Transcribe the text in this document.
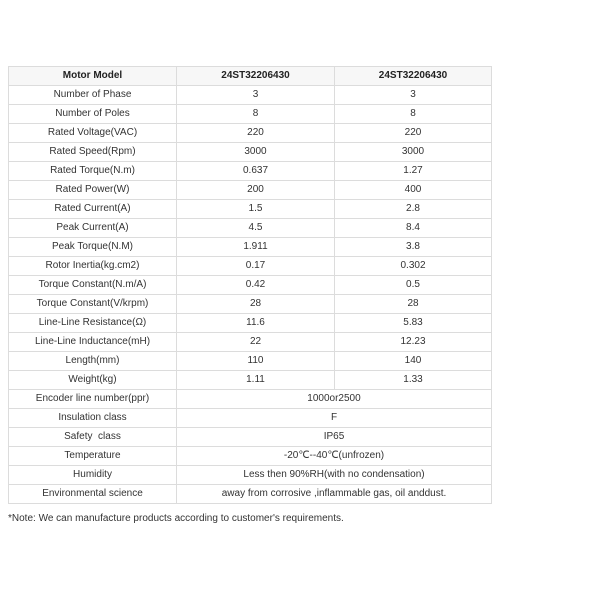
Motor Model	24ST32206430	24ST32206430
Number of Phase	3	3
Number of Poles	8	8
Rated Voltage(VAC)	220	220
Rated Speed(Rpm)	3000	3000
Rated Torque(N.m)	0.637	1.27
Rated Power(W)	200	400
Rated Current(A)	1.5	2.8
Peak Current(A)	4.5	8.4
Peak Torque(N.M)	1.911	3.8
Rotor Inertia(kg.cm2)	0.17	0.302
Torque Constant(N.m/A)	0.42	0.5
Torque Constant(V/krpm)	28	28
Line-Line Resistance(Ω)	11.6	5.83
Line-Line Inductance(mH)	22	12.23
Length(mm)	110	140
Weight(kg)	1.11	1.33
Encoder line number(ppr)	1000or2500	
Insulation class	F	
Safety  class	IP65	
Temperature	-20℃--40℃(unfrozen)	
Humidity	Less then 90%RH(with no condensation)	
Environmental science	away from corrosive ,inflammable gas, oil anddust.	
*Note: We can manufacture products according to customer's requirements.
